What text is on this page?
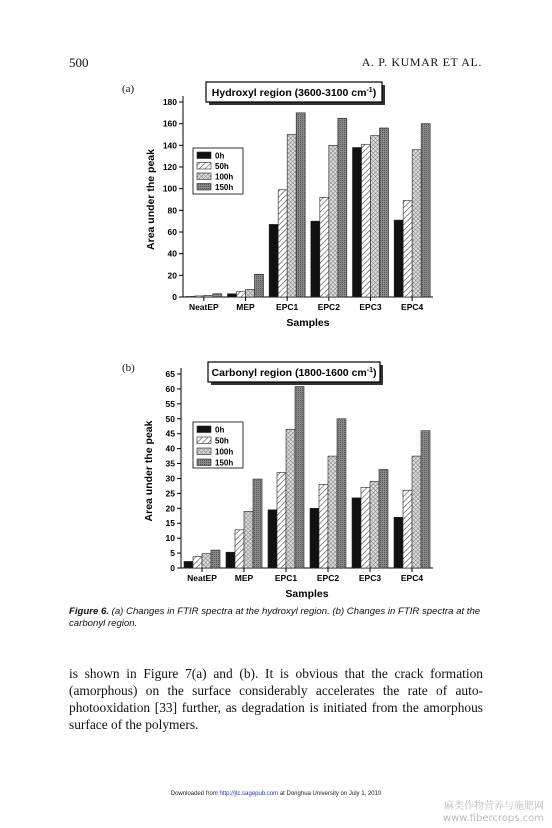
500	A. P. KUMAR ET AL.
(a)
(b)
0
20
40
60
80
100
120
140
160
180
NeatEP MEP	EPC1 EPC2 EPC3 EPC4
Samples
Area under the peak
Hydroxyl region (3600-3100 $cm^{-1}$)
0h
50h
100h
150h
0
5
10
15
20
25
30
35
40
45
50
55
60
65
NeatEP MEP	EPC1 EPC2 EPC3 EPC4
Samples
Area under the peak
Carbonyl region (1800-1600 $cm^{-1}$)
0h
50h
100h
150h
Figure 6. (a) Changes in FTIR spectra at the hydroxyl region. (b) Changes in FTIR spectra at the carbonyl region.
is shown in Figure 7(a) and (b). It is obvious that the crack formation (amorphous) on the surface considerably accelerates the rate of auto-photooxidation [33] further, as degradation is initiated from the amorphous surface of the polymers.
Downloaded from http://jtc.sagepub.com at Donghua University on July 1, 2010
麻类作物营养与施肥网
www.fibercrops.com
